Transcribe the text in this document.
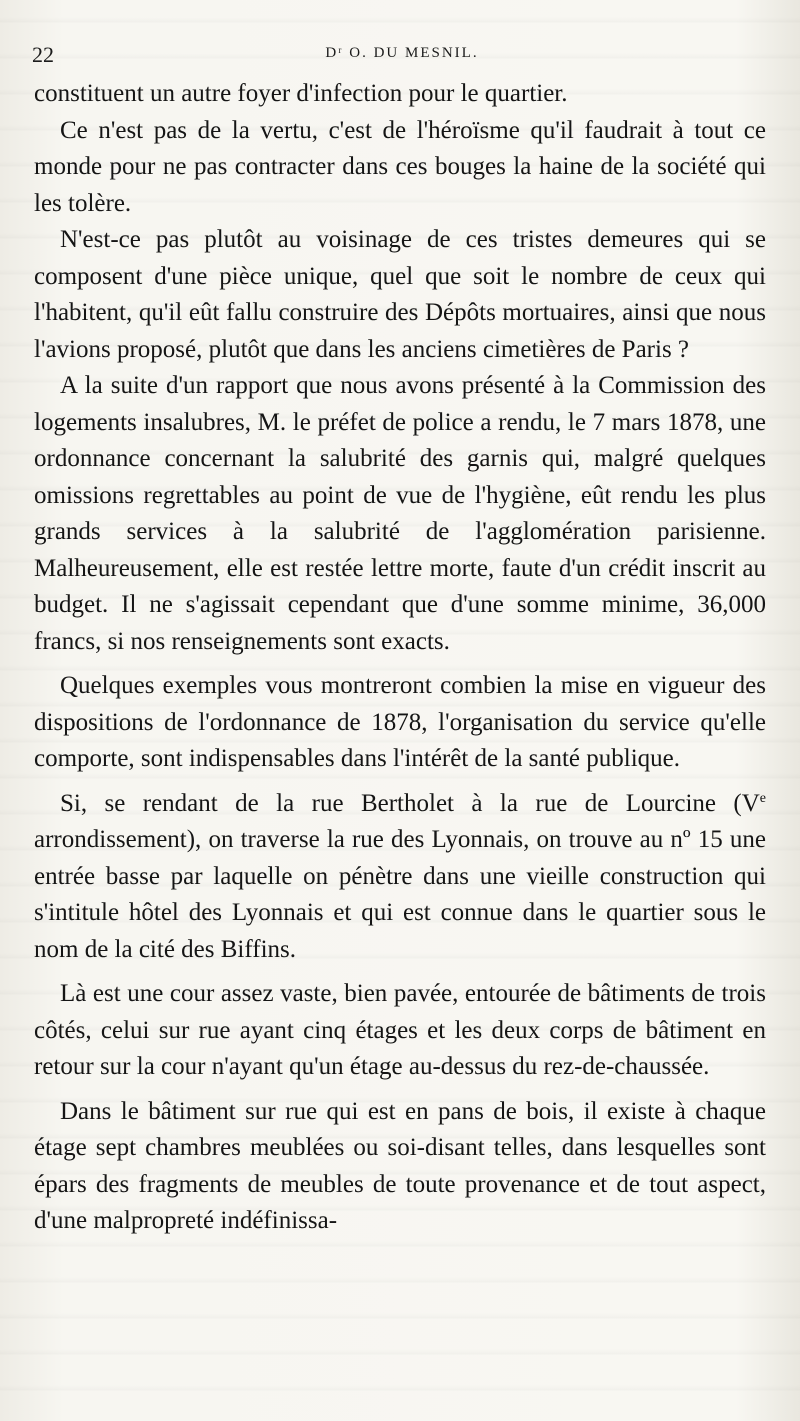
22	Dʳ O. DU MESNIL.

constituent un autre foyer d'infection pour le quartier.

Ce n'est pas de la vertu, c'est de l'héroïsme qu'il faudrait à tout ce monde pour ne pas contracter dans ces bouges la haine de la société qui les tolère.

N'est-ce pas plutôt au voisinage de ces tristes demeures qui se composent d'une pièce unique, quel que soit le nombre de ceux qui l'habitent, qu'il eût fallu construire des Dépôts mortuaires, ainsi que nous l'avions proposé, plutôt que dans les anciens cimetières de Paris ?

A la suite d'un rapport que nous avons présenté à la Commission des logements insalubres, M. le préfet de police a rendu, le 7 mars 1878, une ordonnance concernant la salubrité des garnis qui, malgré quelques omissions regrettables au point de vue de l'hygiène, eût rendu les plus grands services à la salubrité de l'agglomération parisienne. Malheureusement, elle est restée lettre morte, faute d'un crédit inscrit au budget. Il ne s'agissait cependant que d'une somme minime, 36,000 francs, si nos renseignements sont exacts.

Quelques exemples vous montreront combien la mise en vigueur des dispositions de l'ordonnance de 1878, l'organisation du service qu'elle comporte, sont indispensables dans l'intérêt de la santé publique.

Si, se rendant de la rue Bertholet à la rue de Lourcine (Ve arrondissement), on traverse la rue des Lyonnais, on trouve au nº 15 une entrée basse par laquelle on pénètre dans une vieille construction qui s'intitule hôtel des Lyonnais et qui est connue dans le quartier sous le nom de la cité des Biffins.

Là est une cour assez vaste, bien pavée, entourée de bâtiments de trois côtés, celui sur rue ayant cinq étages et les deux corps de bâtiment en retour sur la cour n'ayant qu'un étage au-dessus du rez-de-chaussée.

Dans le bâtiment sur rue qui est en pans de bois, il existe à chaque étage sept chambres meublées ou soi-disant telles, dans lesquelles sont épars des fragments de meubles de toute provenance et de tout aspect, d'une malpropreté indéfinissa-
